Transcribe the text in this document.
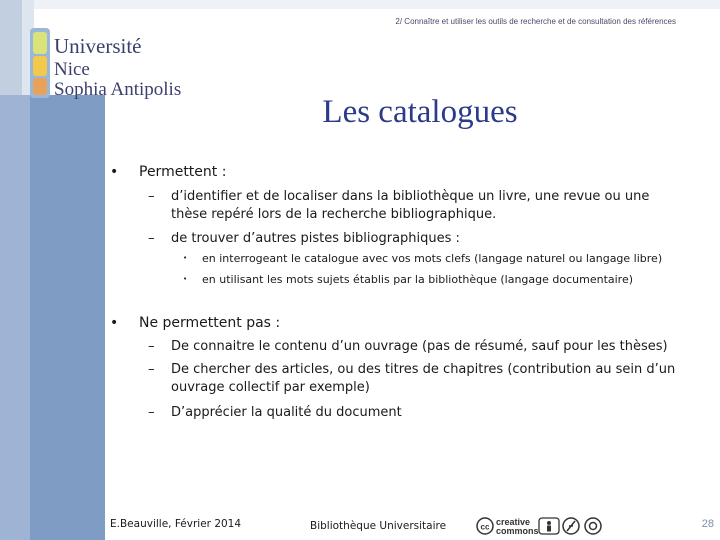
2/ Connaître et utiliser les outils de recherche et de consultation des références
Université
Nice
Sophia Antipolis
Les catalogues
• Permettent :
– d’identifier et de localiser dans la bibliothèque un livre, une revue ou une thèse repéré lors de la recherche bibliographique.
– de trouver d’autres pistes bibliographiques :
• en interrogeant le catalogue avec vos mots clefs (langage naturel ou langage libre)
• en utilisant les mots sujets établis par la bibliothèque (langage documentaire)
• Ne permettent pas :
– De connaitre le contenu d’un ouvrage (pas de résumé, sauf pour les thèses)
– De chercher des articles, ou des titres de chapitres (contribution au sein d’un ouvrage collectif par exemple)
– D’apprécier la qualité du document
E.Beauville, Février 2014	Bibliothèque Universitaire	cc creative
commons
28
